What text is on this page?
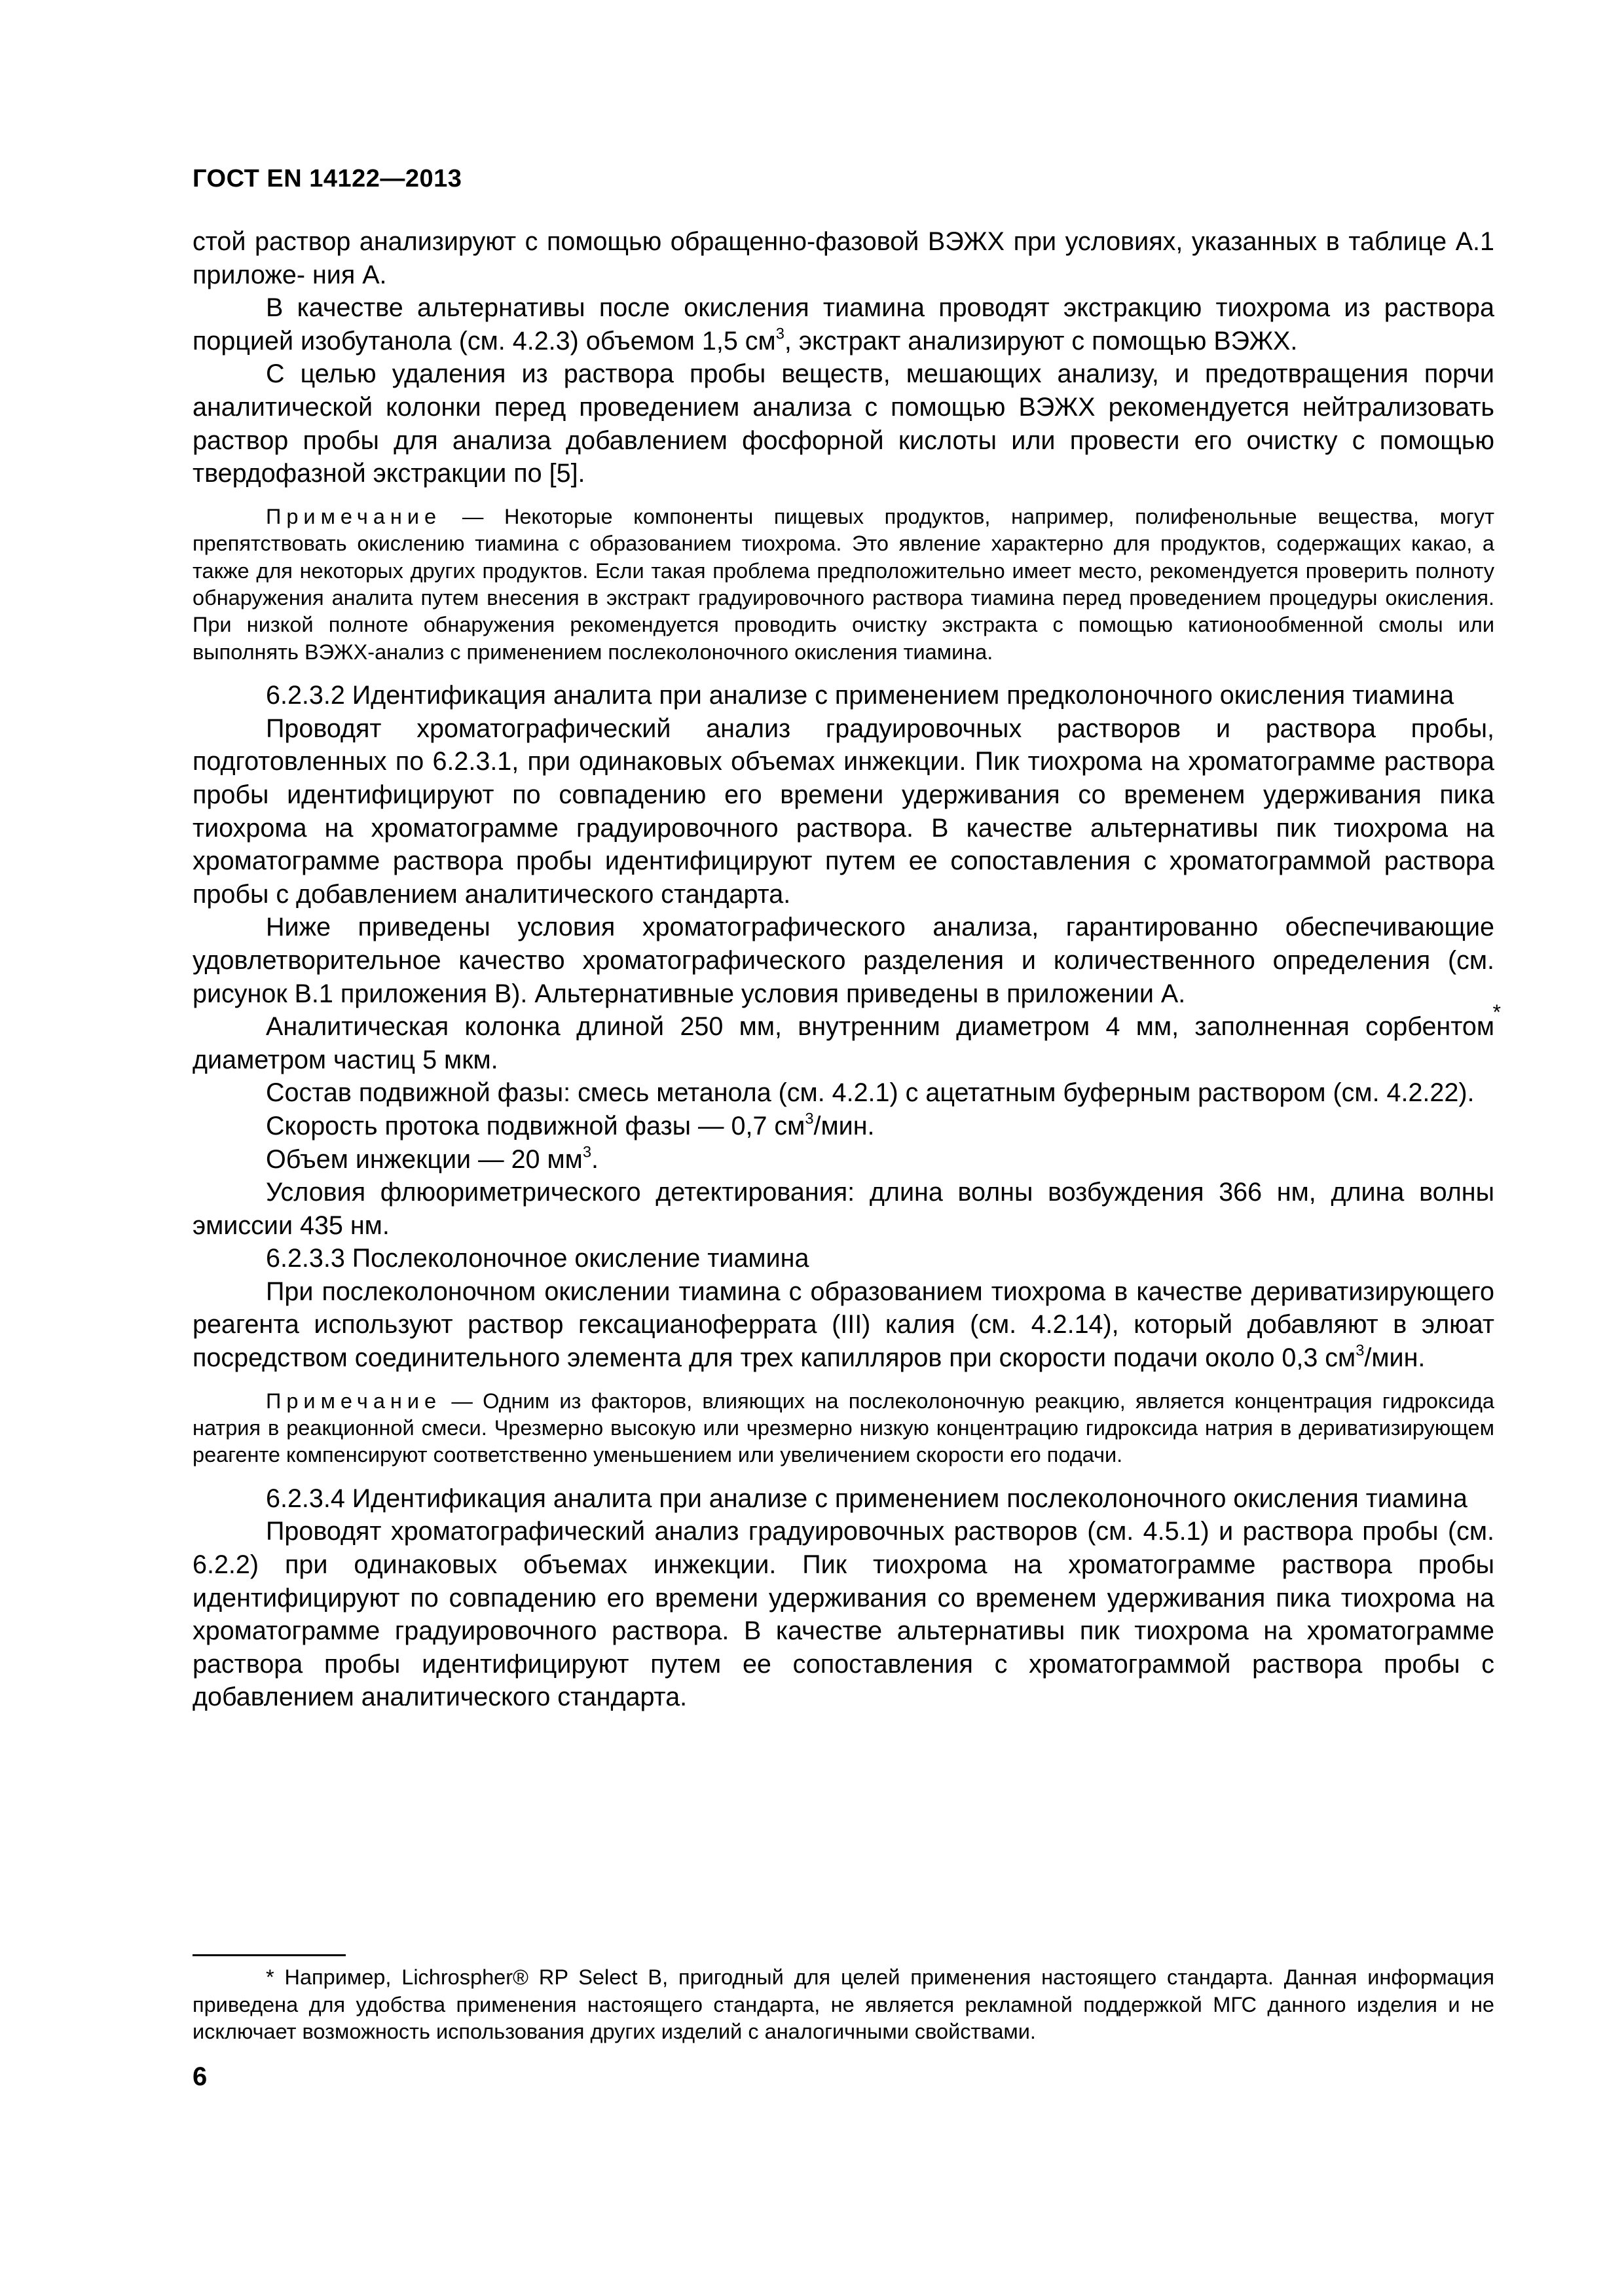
ГОСТ EN 14122—2013

стой раствор анализируют с помощью обращенно-фазовой ВЭЖХ при условиях, указанных в таблице А.1 приложе- ния А.

В качестве альтернативы после окисления тиамина проводят экстракцию тиохрома из раствора порцией изобутанола (см. 4.2.3) объемом 1,5 $см^3$, экстракт анализируют с помощью ВЭЖХ.

С целью удаления из раствора пробы веществ, мешающих анализу, и предотвращения порчи аналитической колонки перед проведением анализа с помощью ВЭЖХ рекомендуется нейтрализовать раствор пробы для анализа добавлением фосфорной кислоты или провести его очистку с помощью твердофазной экстракции по [5].

Примечание — Некоторые компоненты пищевых продуктов, например, полифенольные вещества, могут препятствовать окислению тиамина с образованием тиохрома. Это явление характерно для продуктов, содержащих какао, а также для некоторых других продуктов. Если такая проблема предположительно имеет место, рекомендуется проверить полноту обнаружения аналита путем внесения в экстракт градуировочного раствора тиамина перед проведением процедуры окисления. При низкой полноте обнаружения рекомендуется проводить очистку экстракта с помощью катионообменной смолы или выполнять ВЭЖХ-анализ с применением послеколоночного окисления тиамина.

6.2.3.2 Идентификация аналита при анализе с применением предколоночного окисления тиамина

Проводят хроматографический анализ градуировочных растворов и раствора пробы, подготовленных по 6.2.3.1, при одинаковых объемах инжекции. Пик тиохрома на хроматограмме раствора пробы идентифицируют по совпадению его времени удерживания со временем удерживания пика тиохрома на хроматограмме градуировочного раствора. В качестве альтернативы пик тиохрома на хроматограмме раствора пробы идентифицируют путем ее сопоставления с хроматограммой раствора пробы с добавлением аналитического стандарта.

Ниже приведены условия хроматографического анализа, гарантированно обеспечивающие удовлетворительное качество хроматографического разделения и количественного определения (см. рисунок В.1 приложения В). Альтернативные условия приведены в приложении А.

Аналитическая колонка длиной 250 мм, внутренним диаметром 4 мм, заполненная сорбентом диаметром частиц 5 мкм.
*

Состав подвижной фазы: смесь метанола (см. 4.2.1) с ацетатным буферным раствором (см. 4.2.22).

Скорость протока подвижной фазы — 0,7 $см^3$/мин.

Объем инжекции — 20 $мм^3$.

Условия флюориметрического детектирования: длина волны возбуждения 366 нм, длина волны эмиссии 435 нм.

6.2.3.3 Послеколоночное окисление тиамина

При послеколоночном окислении тиамина с образованием тиохрома в качестве дериватизирующего реагента используют раствор гексацианоферрата (III) калия (см. 4.2.14), который добавляют в элюат посредством соединительного элемента для трех капилляров при скорости подачи около 0,3 $см^3$/мин.

Примечание — Одним из факторов, влияющих на послеколоночную реакцию, является концентрация гидроксида натрия в реакционной смеси. Чрезмерно высокую или чрезмерно низкую концентрацию гидроксида натрия в дериватизирующем реагенте компенсируют соответственно уменьшением или увеличением скорости его подачи.

6.2.3.4 Идентификация аналита при анализе с применением послеколоночного окисления тиамина

Проводят хроматографический анализ градуировочных растворов (см. 4.5.1) и раствора пробы (см. 6.2.2) при одинаковых объемах инжекции. Пик тиохрома на хроматограмме раствора пробы идентифицируют по совпадению его времени удерживания со временем удерживания пика тиохрома на хроматограмме градуировочного раствора. В качестве альтернативы пик тиохрома на хроматограмме раствора пробы идентифицируют путем ее сопоставления с хроматограммой раствора пробы с добавлением аналитического стандарта.

* Например, Lichrospher® RP Select B, пригодный для целей применения настоящего стандарта. Данная информация приведена для удобства применения настоящего стандарта, не является рекламной поддержкой МГС данного изделия и не исключает возможность использования других изделий с аналогичными свойствами.
6
